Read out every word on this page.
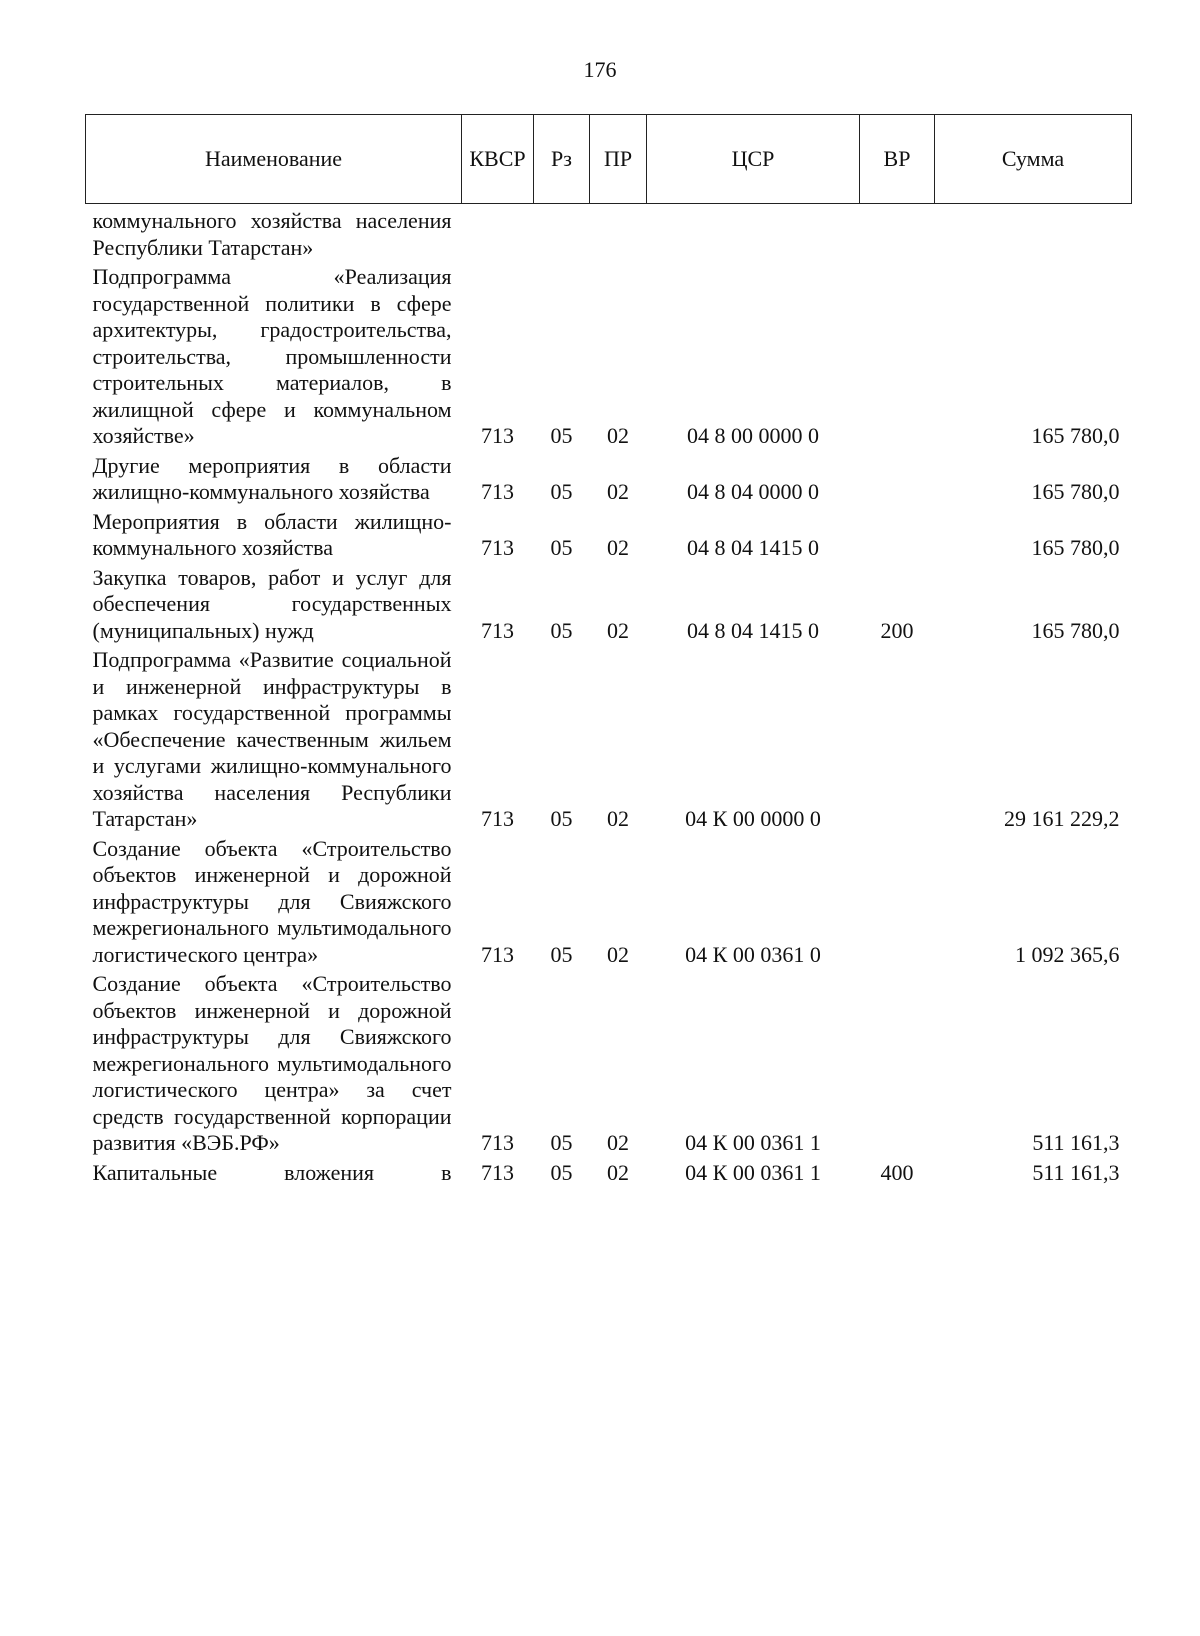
176
Наименование	КВСР	Рз	ПР	ЦСР	ВР	Сумма
коммунального хозяйства населения Республики Татарстан»						
Подпрограмма «Реализация государственной политики в сфере архитектуры, градостроительства, строительства, промышленности строительных материалов, в жилищной сфере и коммунальном хозяйстве»	713	05	02	04 8 00 0000 0		165 780,0
Другие мероприятия в области жилищно-коммунального хозяйства	713	05	02	04 8 04 0000 0		165 780,0
Мероприятия в области жилищно-коммунального хозяйства	713	05	02	04 8 04 1415 0		165 780,0
Закупка товаров, работ и услуг для обеспечения государственных (муниципальных) нужд	713	05	02	04 8 04 1415 0	200	165 780,0
Подпрограмма «Развитие социальной и инженерной инфраструктуры в рамках государственной программы «Обеспечение качественным жильем и услугами жилищно-коммунального хозяйства населения Республики Татарстан»	713	05	02	04 К 00 0000 0		29 161 229,2
Создание объекта «Строительство объектов инженерной и дорожной инфраструктуры для Свияжского межрегионального мультимодального логистического центра»	713	05	02	04 К 00 0361 0		1 092 365,6
Создание объекта «Строительство объектов инженерной и дорожной инфраструктуры для Свияжского межрегионального мультимодального логистического центра» за счет средств государственной корпорации развития «ВЭБ.РФ»	713	05	02	04 К 00 0361 1		511 161,3
Капитальные вложения в	713	05	02	04 К 00 0361 1	400	511 161,3
